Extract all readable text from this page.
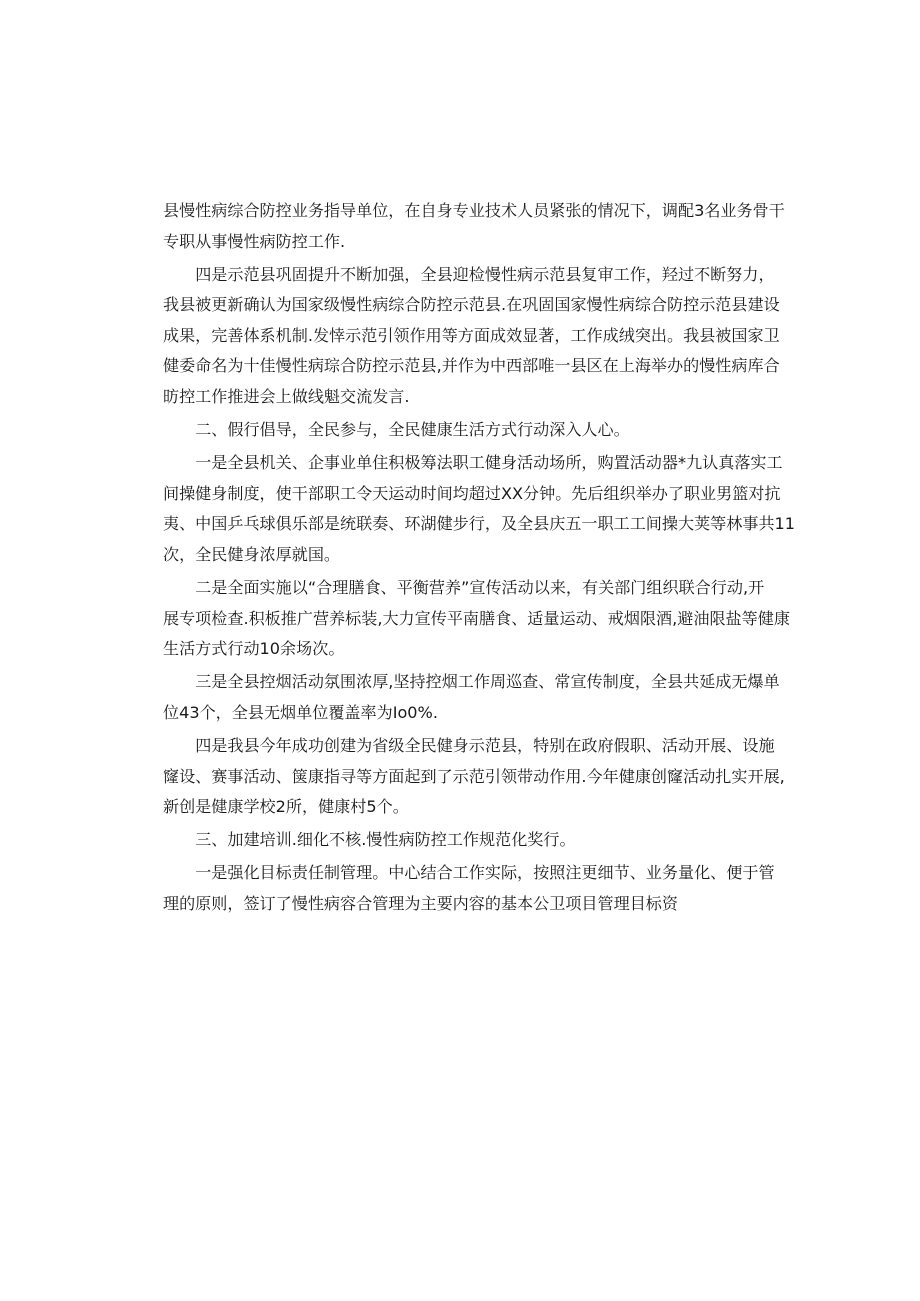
县慢性病综合防控业务指导单位，在自身专业技术人员紧张的情况下，调配3名业务骨干
专职从事慢性病防控工作.

四是示范县巩固提升不断加强，全县迎检慢性病示范县复审工作，羟过不断努力，
我县被更新确认为国家级慢性病综合防控示范县.在巩固国家慢性病综合防控示范县建设
成果，完善体系机制.发悻示范引领作用等方面成效显著，工作成绒突出。我县被国家卫
健委命名为十佳慢性病琮合防控示范县,并作为中西部唯一县区在上海举办的慢性病库合
昉控工作推进会上做线魁交流发言.

二、假行倡导，全民参与，全民健康生活方式行动深入人心。

一是全县机关、企事业单住积极筹法职工健身活动场所，购置活动器*九认真落实工
间操健身制度，使干部职工令天运动时间均超过XX分钟。先后组织举办了职业男篮对抗
夷、中国乒乓球俱乐部是统联奏、环湖健步行，及全县庆五一职工工间操大荚等林事共11
次，全民健身浓厚就国。

二是全面实施以“合理膳食、平衡营养”宣传活动以来，有关部门组织联合行动,开
展专项检查.积板推广营养标装,大力宣传平南膳食、适量运动、戒烟限酒,避油限盐等健康
生活方式行动10余场次。

三是全县控烟活动氛围浓厚,坚持控烟工作周巡查、常宣传制度，全县共延成无爆单
位43个，全县无烟单位覆盖率为Io0%.

四是我县今年成功创建为省级全民健身示范县，特别在政府假职、活动开展、设施
窿设、赛事活动、箧康指寻等方面起到了示范引领带动作用.今年健康创窿活动扎实开展,
新创是健康学校2所，健康村5个。

三、加建培训.细化不核.慢性病防控工作规范化奖行。

一是强化目标责任制管理。中心结合工作实际，按照注更细节、业务量化、便于管
理的原则，签订了慢性病容合管理为主要内容的基本公卫项目管理目标资
